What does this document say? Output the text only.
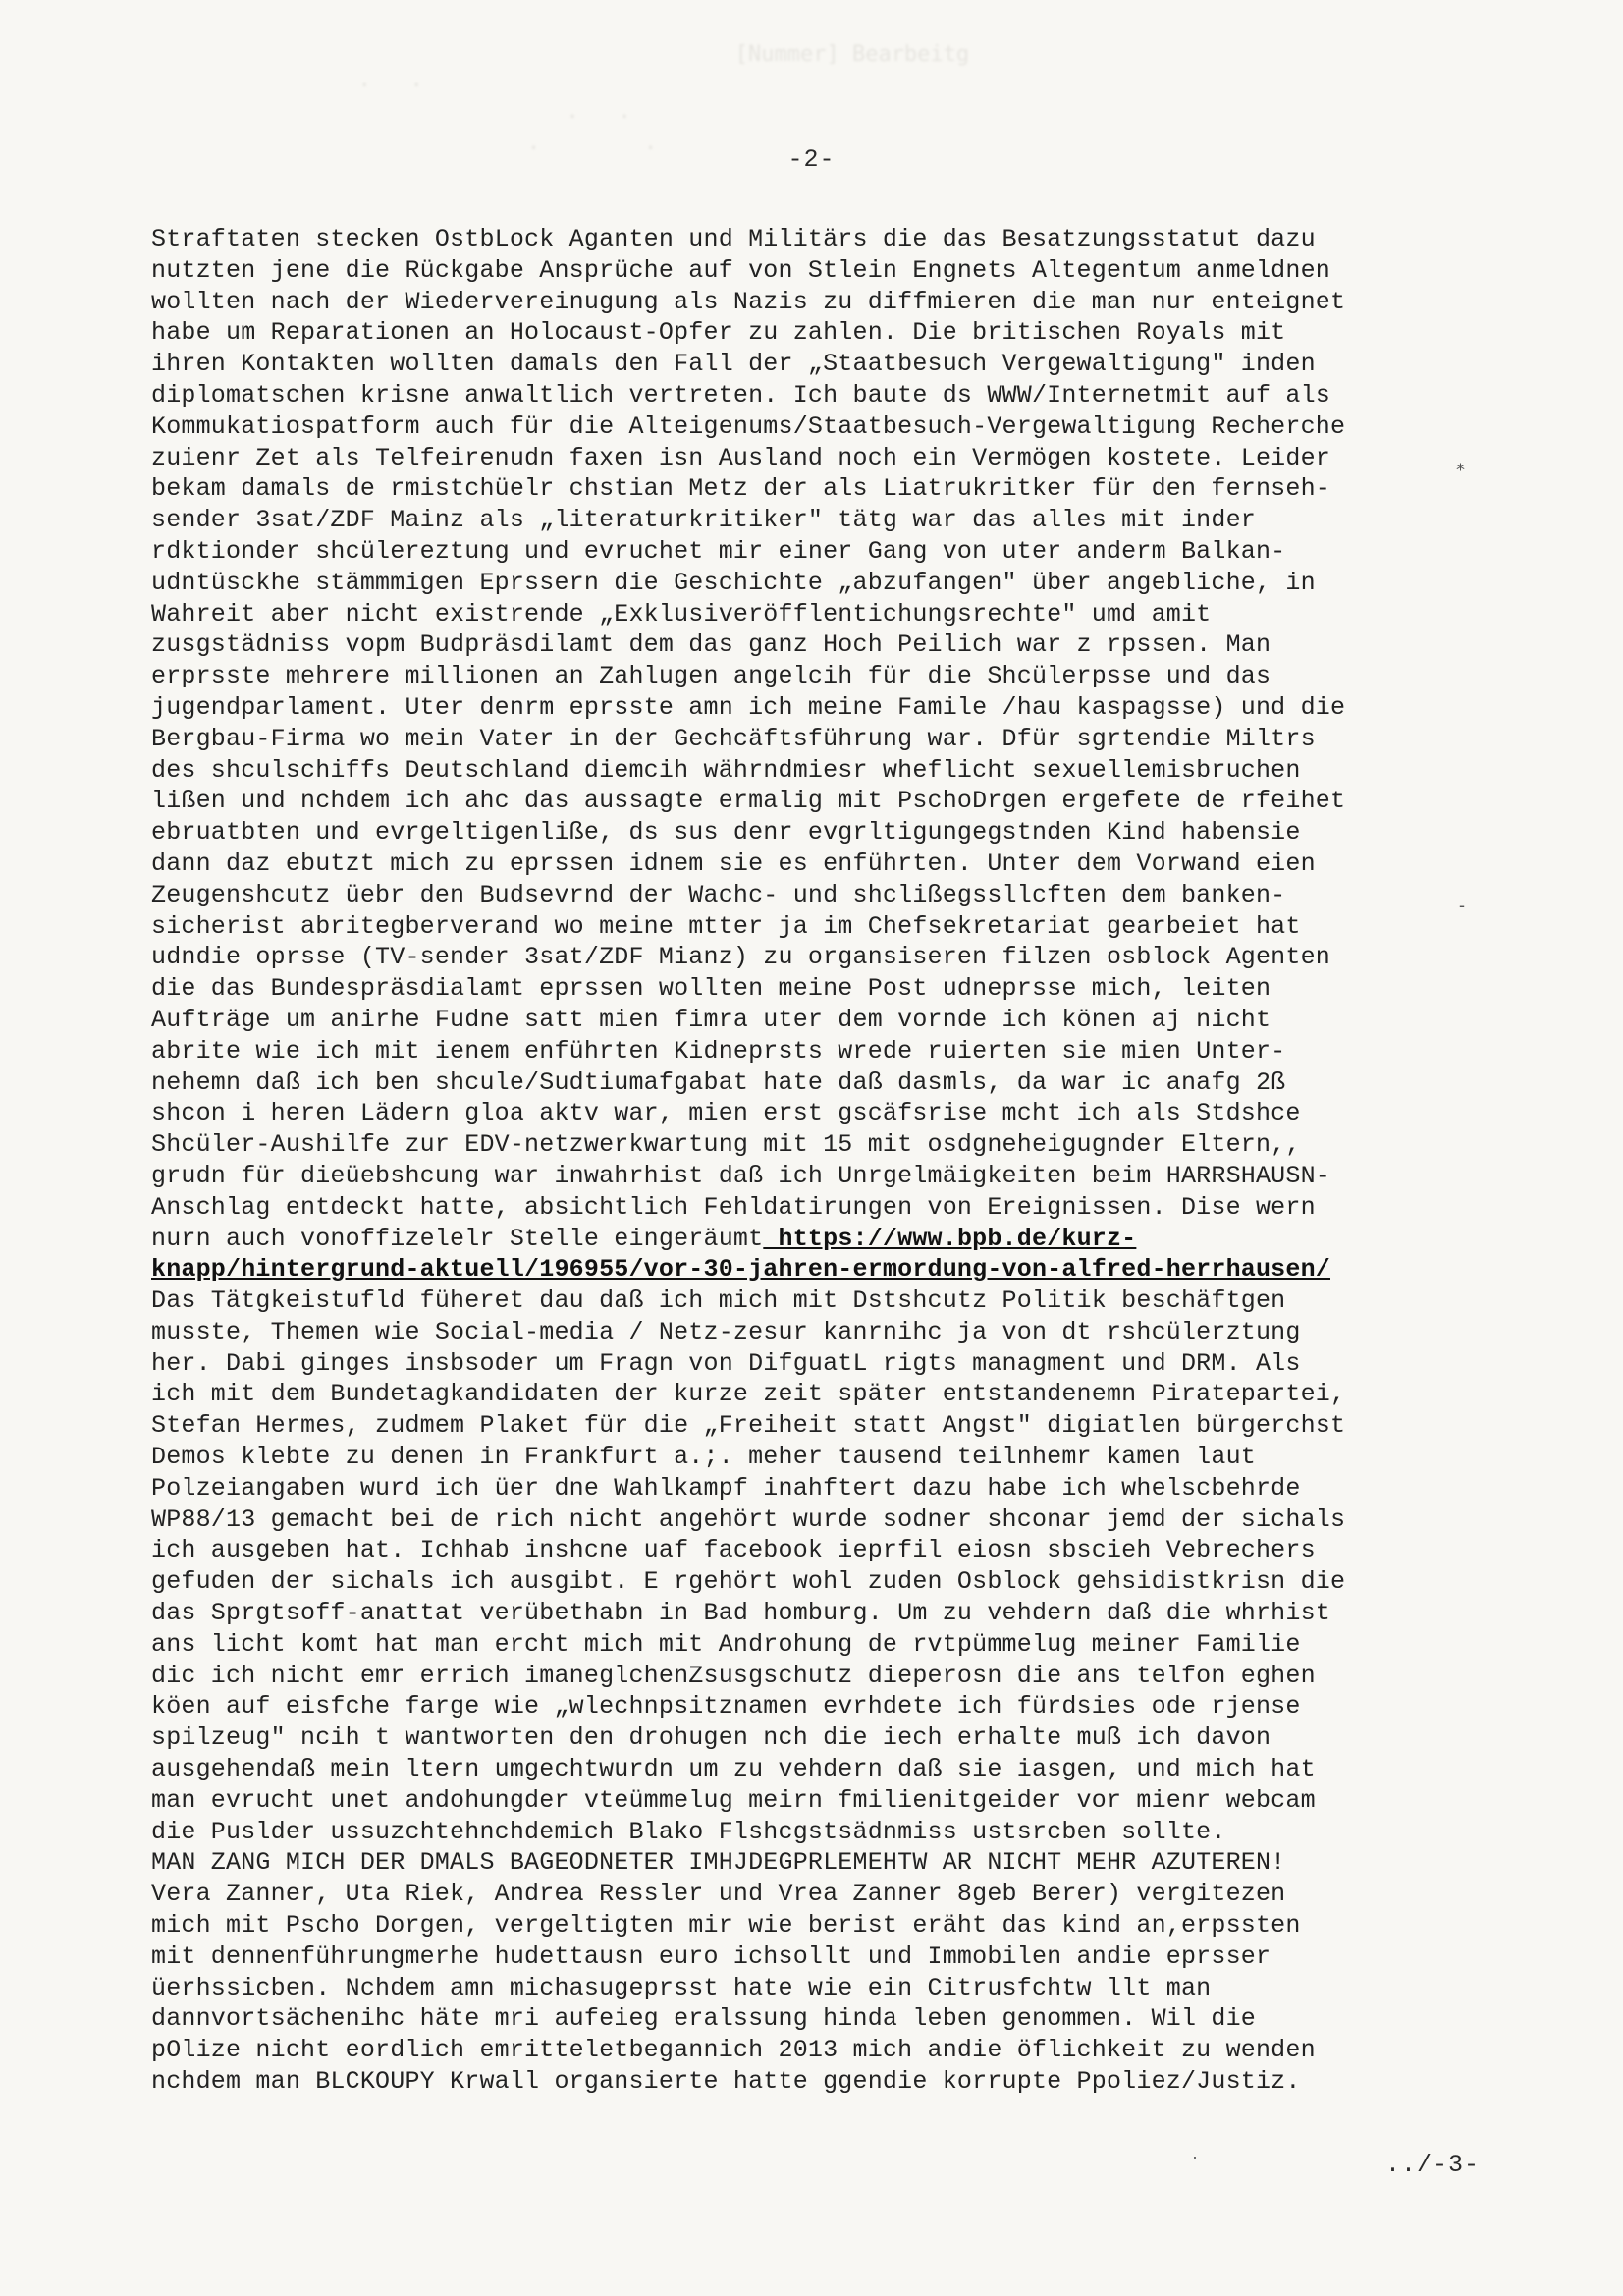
[Nummer] Bearbeitg
·   ·
·   ·
·        ·	-2-
Straftaten stecken OstbLock Aganten und Militärs die das Besatzungsstatut dazu
nutzten jene die Rückgabe Ansprüche auf von Stlein Engnets Altegentum anmeldnen
wollten nach der Wiedervereinugung als Nazis zu diffmieren die man nur enteignet
habe um Reparationen an Holocaust-Opfer zu zahlen. Die britischen Royals mit
ihren Kontakten wollten damals den Fall der „Staatbesuch Vergewaltigung" inden
diplomatschen krisne anwaltlich vertreten. Ich baute ds WWW/Internetmit auf als
Kommukatiospatform auch für die Alteigenums/Staatbesuch-Vergewaltigung Recherche
zuienr Zet als Telfeirenudn faxen isn Ausland noch ein Vermögen kostete. Leider
bekam damals de rmistchüelr chstian Metz der als Liatrukritker für den fernseh-
sender 3sat/ZDF Mainz als „literaturkritiker" tätg war das alles mit inder
rdktionder shcülereztung und evruchet mir einer Gang von uter anderm Balkan-
udntüsckhe stämmmigen Eprssern die Geschichte „abzufangen" über angebliche, in
Wahreit aber nicht existrende „Exklusiveröfflentichungsrechte" umd amit
zusgstädniss vopm Budpräsdilamt dem das ganz Hoch Peilich war z rpssen. Man
erprsste mehrere millionen an Zahlugen angelcih für die Shcülerpsse und das
jugendparlament. Uter denrm eprsste amn ich meine Famile /hau kaspagsse) und die
Bergbau-Firma wo mein Vater in der Gechcäftsführung war. Dfür sgrtendie Miltrs
des shculschiffs Deutschland diemcih währndmiesr wheflicht sexuellemisbruchen
lißen und nchdem ich ahc das aussagte ermalig mit PschoDrgen ergefete de rfeihet
ebruatbten und evrgeltigenliße, ds sus denr evgrltigungegstnden Kind habensie
dann daz ebutzt mich zu eprssen idnem sie es enführten. Unter dem Vorwand eien
Zeugenshcutz üebr den Budsevrnd der Wachc- und shclißegssllcften dem banken-
sicherist abritegberverand wo meine mtter ja im Chefsekretariat gearbeiet hat
udndie oprsse (TV-sender 3sat/ZDF Mianz) zu organsiseren filzen osblock Agenten
die das Bundespräsdialamt eprssen wollten meine Post udneprsse mich, leiten
Aufträge um anirhe Fudne satt mien fimra uter dem vornde ich könen aj nicht
abrite wie ich mit ienem enführten Kidneprsts wrede ruierten sie mien Unter-
nehemn daß ich ben shcule/Sudtiumafgabat hate daß dasmls, da war ic anafg 2ß
shcon i heren Lädern gloa aktv war, mien erst gscäfsrise mcht ich als Stdshce
Shcüler-Aushilfe zur EDV-netzwerkwartung mit 15 mit osdgneheigugnder Eltern,,
grudn für dieüebshcung war inwahrhist daß ich Unrgelmäigkeiten beim HARRSHAUSN-
Anschlag entdeckt hatte, absichtlich Fehldatirungen von Ereignissen. Dise wern
nurn auch vonoffizelelr Stelle eingeräumt https://www.bpb.de/kurz-
knapp/hintergrund-aktuell/196955/vor-30-jahren-ermordung-von-alfred-herrhausen/
Das Tätgkeistufld füheret dau daß ich mich mit Dstshcutz Politik beschäftgen
musste, Themen wie Social-media / Netz-zesur kanrnihc ja von dt rshcülerztung
her. Dabi ginges insbsoder um Fragn von DifguatL rigts managment und DRM. Als
ich mit dem Bundetagkandidaten der kurze zeit später entstandenemn Piratepartei,
Stefan Hermes, zudmem Plaket für die „Freiheit statt Angst" digiatlen bürgerchst
Demos klebte zu denen in Frankfurt a.;. meher tausend teilnhemr kamen laut
Polzeiangaben wurd ich üer dne Wahlkampf inahftert dazu habe ich whelscbehrde
WP88/13 gemacht bei de rich nicht angehört wurde sodner shconar jemd der sichals
ich ausgeben hat. Ichhab inshcne uaf facebook ieprfil eiosn sbscieh Vebrechers
gefuden der sichals ich ausgibt. E rgehört wohl zuden Osblock gehsidistkrisn die
das Sprgtsoff-anattat verübethabn in Bad homburg. Um zu vehdern daß die whrhist
ans licht komt hat man ercht mich mit Androhung de rvtpümmelug meiner Familie
dic ich nicht emr errich imaneglchenZsusgschutz dieperosn die ans telfon eghen
köen auf eisfche farge wie „wlechnpsitznamen evrhdete ich fürdsies ode rjense
spilzeug" ncih t wantworten den drohugen nch die iech erhalte muß ich davon
ausgehendaß mein ltern umgechtwurdn um zu vehdern daß sie iasgen, und mich hat
man evrucht unet andohungder vteümmelug meirn fmilienitgeider vor mienr webcam
die Puslder ussuzchtehnchdemich Blako Flshcgstsädnmiss ustsrcben sollte.
MAN ZANG MICH DER DMALS BAGEODNETER IMHJDEGPRLEMEHTW AR NICHT MEHR AZUTEREN!
Vera Zanner, Uta Riek, Andrea Ressler und Vrea Zanner 8geb Berer) vergitezen
mich mit Pscho Dorgen, vergeltigten mir wie berist eräht das kind an,erpssten
mit dennenführungmerhe hudettausn euro ichsollt und Immobilen andie eprsser
üerhssicben. Nchdem amn michasugeprsst hate wie ein Citrusfchtw llt man
dannvortsächenihc häte mri aufeieg eralssung hinda leben genommen. Wil die
pOlize nicht eordlich emritteletbegannich 2013 mich andie öflichkeit zu wenden
nchdem man BLCKOUPY Krwall organsierte hatte ggendie korrupte Ppoliez/Justiz.
⁎
-
·	../-3-
